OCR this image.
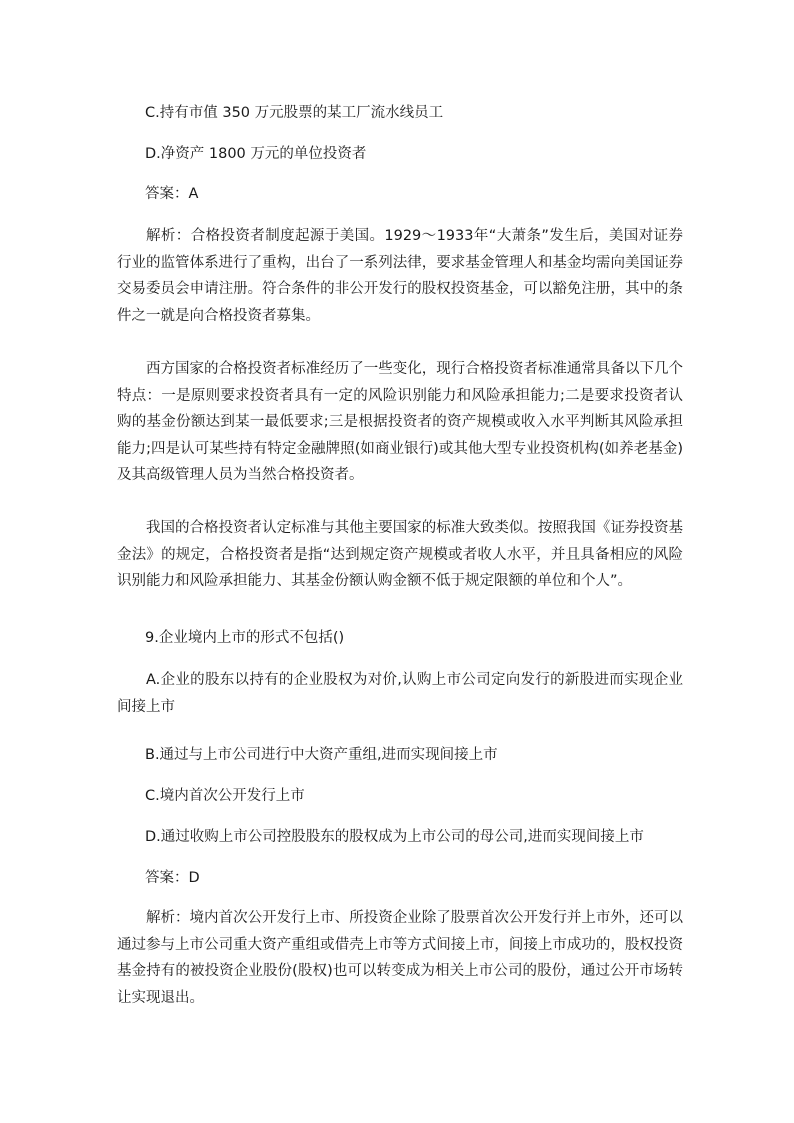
C.持有市值 350 万元股票的某工厂流水线员工
D.净资产 1800 万元的单位投资者
答案：A

解析：合格投资者制度起源于美国。1929～1933年“大萧条”发生后，美国对证券行业的监管体系进行了重构，出台了一系列法律，要求基金管理人和基金均需向美国证券交易委员会申请注册。符合条件的非公开发行的股权投资基金，可以豁免注册，其中的条件之一就是向合格投资者募集。

西方国家的合格投资者标准经历了一些变化，现行合格投资者标准通常具备以下几个特点：一是原则要求投资者具有一定的风险识别能力和风险承担能力;二是要求投资者认购的基金份额达到某一最低要求;三是根据投资者的资产规模或收入水平判断其风险承担能力;四是认可某些持有特定金融牌照(如商业银行)或其他大型专业投资机构(如养老基金)及其高级管理人员为当然合格投资者。

我国的合格投资者认定标准与其他主要国家的标准大致类似。按照我国《证券投资基金法》的规定，合格投资者是指“达到规定资产规模或者收人水平，并且具备相应的风险识别能力和风险承担能力、其基金份额认购金额不低于规定限额的单位和个人”。

9.企业境内上市的形式不包括()

A.企业的股东以持有的企业股权为对价,认购上市公司定向发行的新股进而实现企业间接上市

B.通过与上市公司进行中大资产重组,进而实现间接上市
C.境内首次公开发行上市
D.通过收购上市公司控股股东的股权成为上市公司的母公司,进而实现间接上市
答案：D

解析：境内首次公开发行上市、所投资企业除了股票首次公开发行并上市外，还可以通过参与上市公司重大资产重组或借壳上市等方式间接上市，间接上市成功的，股权投资基金持有的被投资企业股份(股权)也可以转变成为相关上市公司的股份，通过公开市场转让实现退出。
